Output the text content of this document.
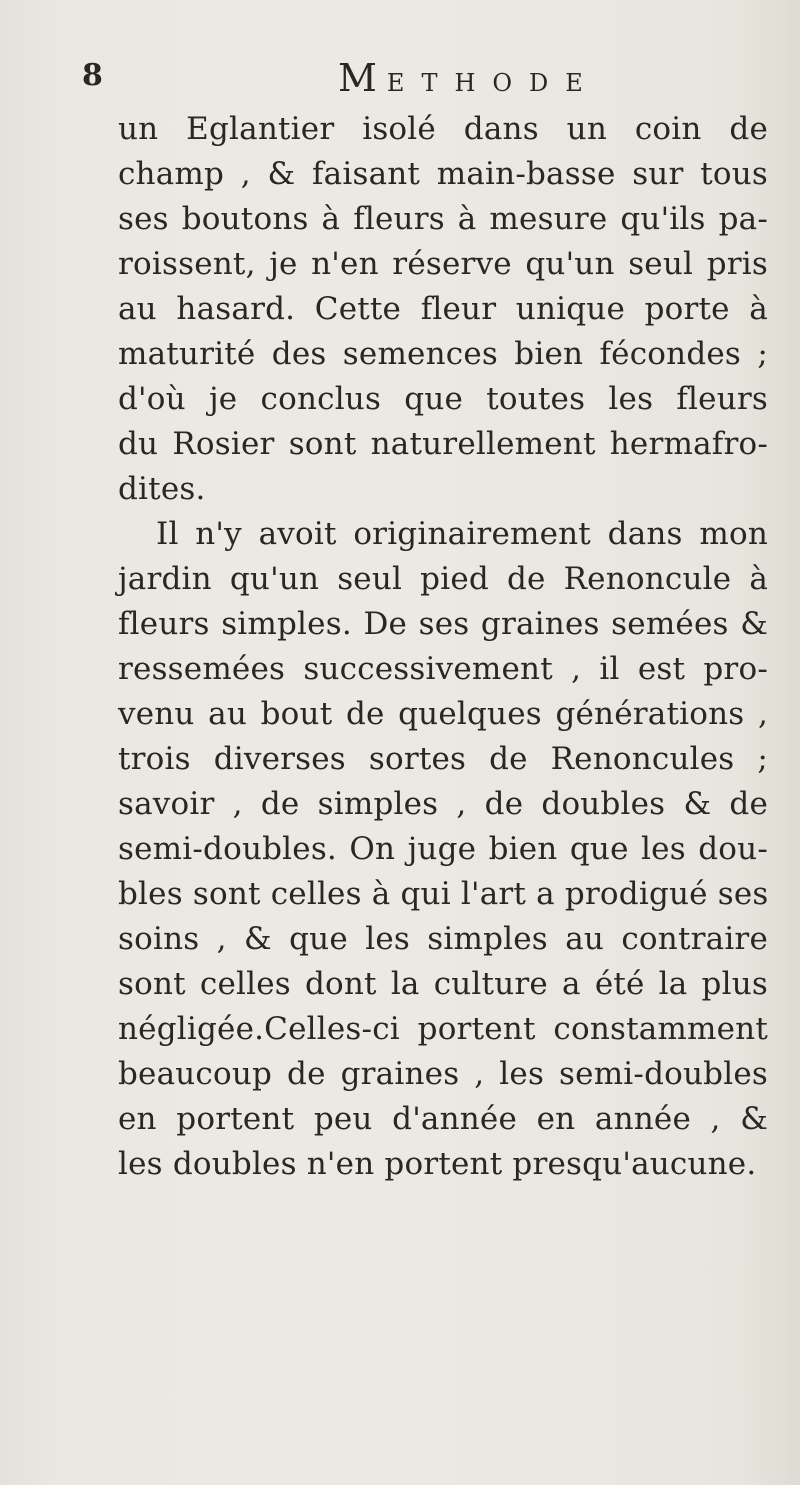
8	METHODE
un Eglantier isolé dans un coin de
champ , & faisant main-basse sur tous
ses boutons à fleurs à mesure qu'ils pa-
roissent, je n'en réserve qu'un seul pris
au hasard. Cette fleur unique porte à
maturité des semences bien fécondes ;
d'où je conclus que toutes les fleurs
du Rosier sont naturellement hermafro-
dites.
Il n'y avoit originairement dans mon
jardin qu'un seul pied de Renoncule à
fleurs simples. De ses graines semées &
ressemées successivement , il est pro-
venu au bout de quelques générations ,
trois diverses sortes de Renoncules ;
savoir , de simples , de doubles & de
semi-doubles. On juge bien que les dou-
bles sont celles à qui l'art a prodigué ses
soins , & que les simples au contraire
sont celles dont la culture a été la plus
négligée.Celles-ci portent constamment
beaucoup de graines , les semi-doubles
en portent peu d'année en année , &
les doubles n'en portent presqu'aucune.
